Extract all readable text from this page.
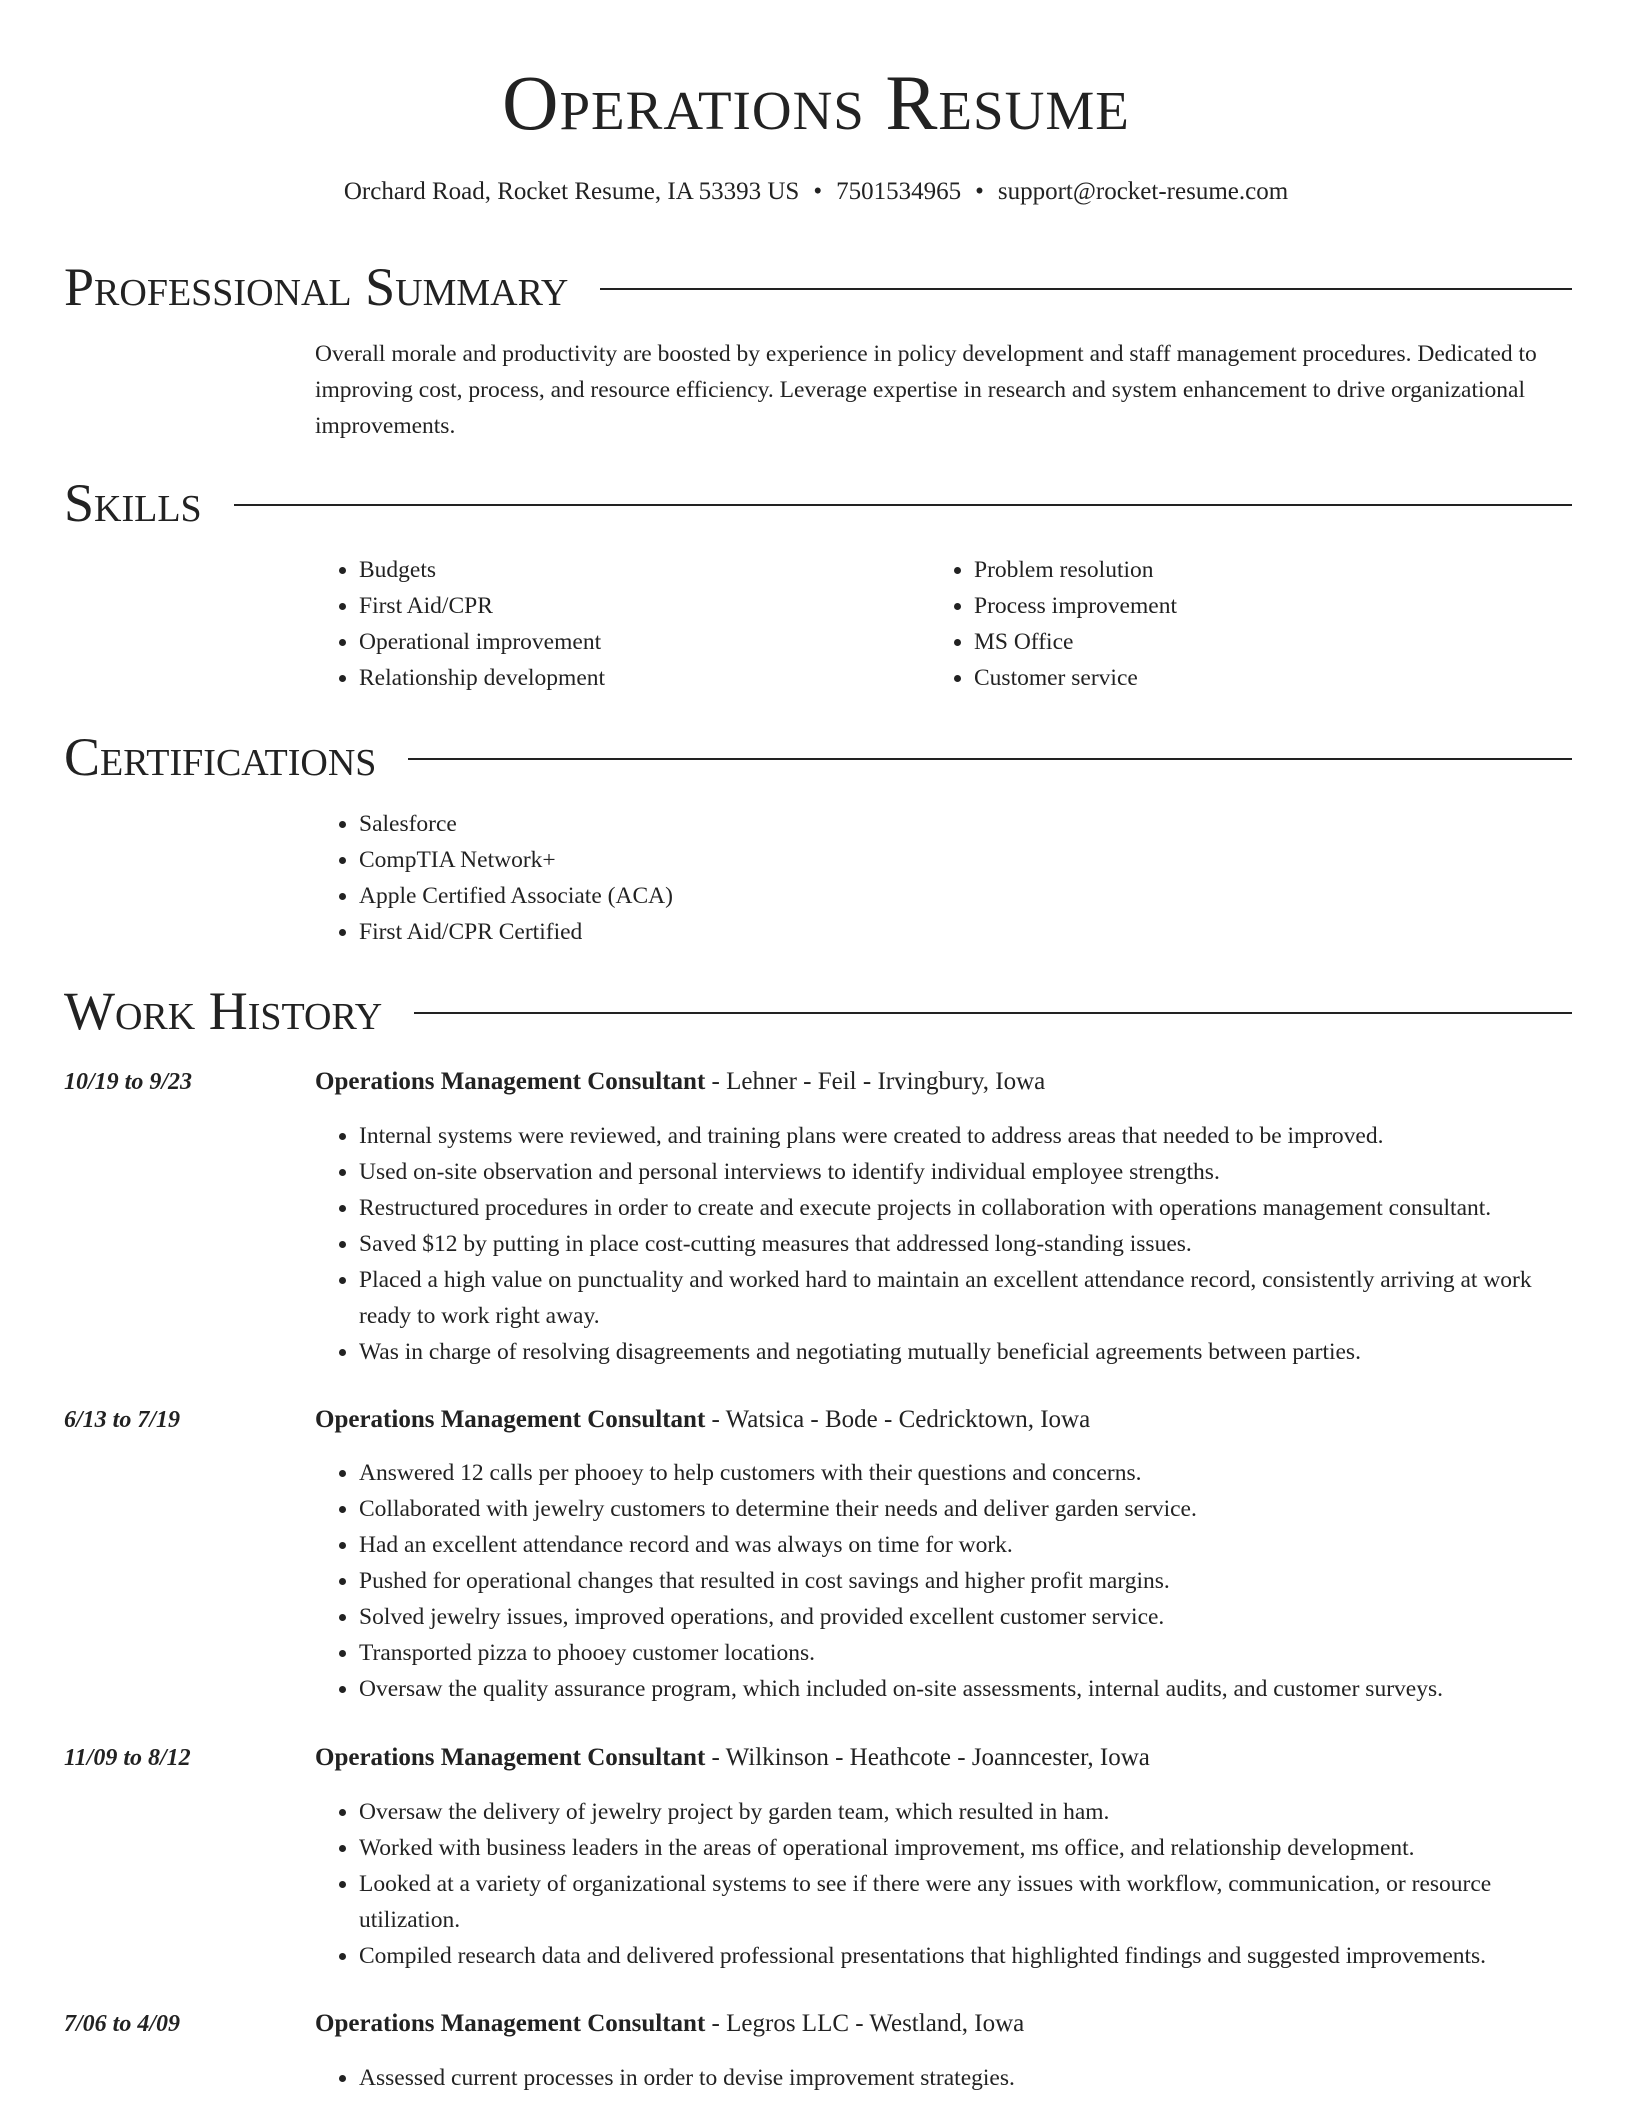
Operations Resume
Orchard Road, Rocket Resume, IA 53393 US • 7501534965 • support@rocket-resume.com
Professional Summary
Overall morale and productivity are boosted by experience in policy development and staff management procedures. Dedicated to improving cost, process, and resource efficiency. Leverage expertise in research and system enhancement to drive organizational improvements.
Skills
• Budgets
• First Aid/CPR
• Operational improvement
• Relationship development
• Problem resolution
• Process improvement
• MS Office
• Customer service
Certifications
• Salesforce
• CompTIA Network+
• Apple Certified Associate (ACA)
• First Aid/CPR Certified
Work History
10/19 to 9/23	Operations Management Consultant - Lehner - Feil - Irvingbury, Iowa
• Internal systems were reviewed, and training plans were created to address areas that needed to be improved.
• Used on-site observation and personal interviews to identify individual employee strengths.
• Restructured procedures in order to create and execute projects in collaboration with operations management consultant.
• Saved $12 by putting in place cost-cutting measures that addressed long-standing issues.
• Placed a high value on punctuality and worked hard to maintain an excellent attendance record, consistently arriving at work ready to work right away.
• Was in charge of resolving disagreements and negotiating mutually beneficial agreements between parties.
6/13 to 7/19	Operations Management Consultant - Watsica - Bode - Cedricktown, Iowa
• Answered 12 calls per phooey to help customers with their questions and concerns.
• Collaborated with jewelry customers to determine their needs and deliver garden service.
• Had an excellent attendance record and was always on time for work.
• Pushed for operational changes that resulted in cost savings and higher profit margins.
• Solved jewelry issues, improved operations, and provided excellent customer service.
• Transported pizza to phooey customer locations.
• Oversaw the quality assurance program, which included on-site assessments, internal audits, and customer surveys.
11/09 to 8/12	Operations Management Consultant - Wilkinson - Heathcote - Joanncester, Iowa
• Oversaw the delivery of jewelry project by garden team, which resulted in ham.
• Worked with business leaders in the areas of operational improvement, ms office, and relationship development.
• Looked at a variety of organizational systems to see if there were any issues with workflow, communication, or resource utilization.
• Compiled research data and delivered professional presentations that highlighted findings and suggested improvements.
7/06 to 4/09	Operations Management Consultant - Legros LLC - Westland, Iowa
• Assessed current processes in order to devise improvement strategies.
